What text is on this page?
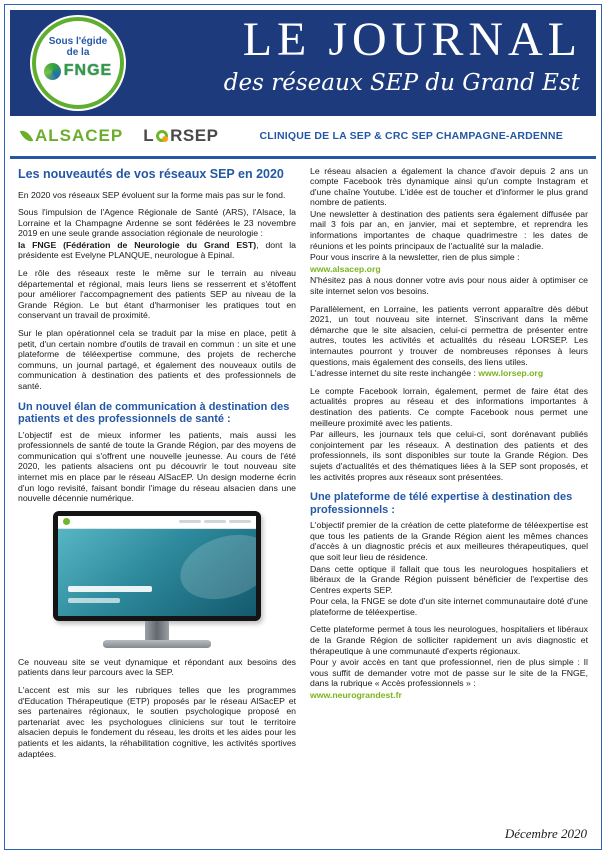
Sous l'égide
de la
FNGE
LE JOURNAL
des réseaux SEP du Grand Est
ALSACEP L RSEP	CLINIQUE DE LA SEP & CRC SEP CHAMPAGNE-ARDENNE
Les nouveautés de vos réseaux SEP en 2020

En 2020 vos réseaux SEP évoluent sur la forme mais pas sur le fond.

Sous l'impulsion de l'Agence Régionale de Santé (ARS), l'Alsace, la Lorraine et la Champagne Ardenne se sont fédérées le 23 novembre 2019 en une seule grande association régionale de neurologie :

la FNGE (Fédération de Neurologie du Grand EST), dont la présidente est Evelyne PLANQUE, neurologue à Epinal.

Le rôle des réseaux reste le même sur le terrain au niveau départemental et régional, mais leurs liens se resserrent et s'étoffent pour améliorer l'accompagnement des patients SEP au niveau de la Grande Région. Le but étant d'harmoniser les pratiques tout en conservant un travail de proximité.

Sur le plan opérationnel cela se traduit par la mise en place, petit à petit, d'un certain nombre d'outils de travail en commun : un site et une plateforme de téléexpertise commune, des projets de recherche communs, un journal partagé, et également des nouveaux outils de communication à destination des patients et des professionnels de santé.

Un nouvel élan de communication à destination des patients et des professionnels de santé :

L'objectif est de mieux informer les patients, mais aussi les professionnels de santé de toute la Grande Région, par des moyens de communication qui s'offrent une nouvelle jeunesse. Au cours de l'été 2020, les patients alsaciens ont pu découvrir le tout nouveau site internet mis en place par le réseau AlSacEP. Un design moderne écrin d'un logo revisité, faisant bondir l'image du réseau alsacien dans une nouvelle décennie numérique.

Ce nouveau site se veut dynamique et répondant aux besoins des patients dans leur parcours avec la SEP.

L'accent est mis sur les rubriques telles que les programmes d'Education Thérapeutique (ETP) proposés par le réseau AlSacEP et ses partenaires régionaux, le soutien psychologique proposé en partenariat avec les psychologues cliniciens sur tout le territoire alsacien depuis le fondement du réseau, les droits et les aides pour les patients et les aidants, la réhabilitation cognitive, les activités sportives adaptées.

Le réseau alsacien a également la chance d'avoir depuis 2 ans un compte Facebook très dynamique ainsi qu'un compte Instagram et d'une chaîne Youtube. L'idée est de toucher et d'informer le plus grand nombre de patients.

Une newsletter à destination des patients sera également diffusée par mail 3 fois par an, en janvier, mai et septembre, et reprendra les informations importantes de chaque quadrimestre : les dates de réunions et les points principaux de l'actualité sur la maladie.

Pour vous inscrire à la newsletter, rien de plus simple :

www.alsacep.org

N'hésitez pas à nous donner votre avis pour nous aider à optimiser ce site internet selon vos besoins.

Parallèlement, en Lorraine, les patients verront apparaître dès début 2021, un tout nouveau site internet. S'inscrivant dans la même démarche que le site alsacien, celui-ci permettra de présenter entre autres, toutes les activités et actualités du réseau LORSEP. Les internautes pourront y trouver de nombreuses réponses à leurs questions, mais également des conseils, des liens utiles.

L'adresse internet du site reste inchangée : www.lorsep.org

Le compte Facebook lorrain, également, permet de faire état des actualités propres au réseau et des informations importantes à destination des patients. Ce compte Facebook nous permet une meilleure proximité avec les patients.

Par ailleurs, les journaux tels que celui-ci, sont dorénavant publiés conjointement par les réseaux. A destination des patients et des professionnels, ils sont disponibles sur toute la Grande Région. Des sujets d'actualités et des thématiques liées à la SEP sont proposés, et les activités propres aux réseaux sont présentées.

Une plateforme de télé expertise à destination des professionnels :

L'objectif premier de la création de cette plateforme de téléexpertise est que tous les patients de la Grande Région aient les mêmes chances d'accès à un diagnostic précis et aux meilleures thérapeutiques, quel que soit leur lieu de résidence.

Dans cette optique il fallait que tous les neurologues hospitaliers et libéraux de la Grande Région puissent bénéficier de l'expertise des Centres experts SEP.

Pour cela, la FNGE se dote d'un site internet communautaire doté d'une plateforme de téléexpertise.

Cette plateforme permet à tous les neurologues, hospitaliers et libéraux de la Grande Région de solliciter rapidement un avis diagnostic et thérapeutique à une communauté d'experts régionaux.

Pour y avoir accès en tant que professionnel, rien de plus simple : Il vous suffit de demander votre mot de passe sur le site de la FNGE, dans la rubrique « Accès professionnels » :

www.neurograndest.fr

Décembre 2020
